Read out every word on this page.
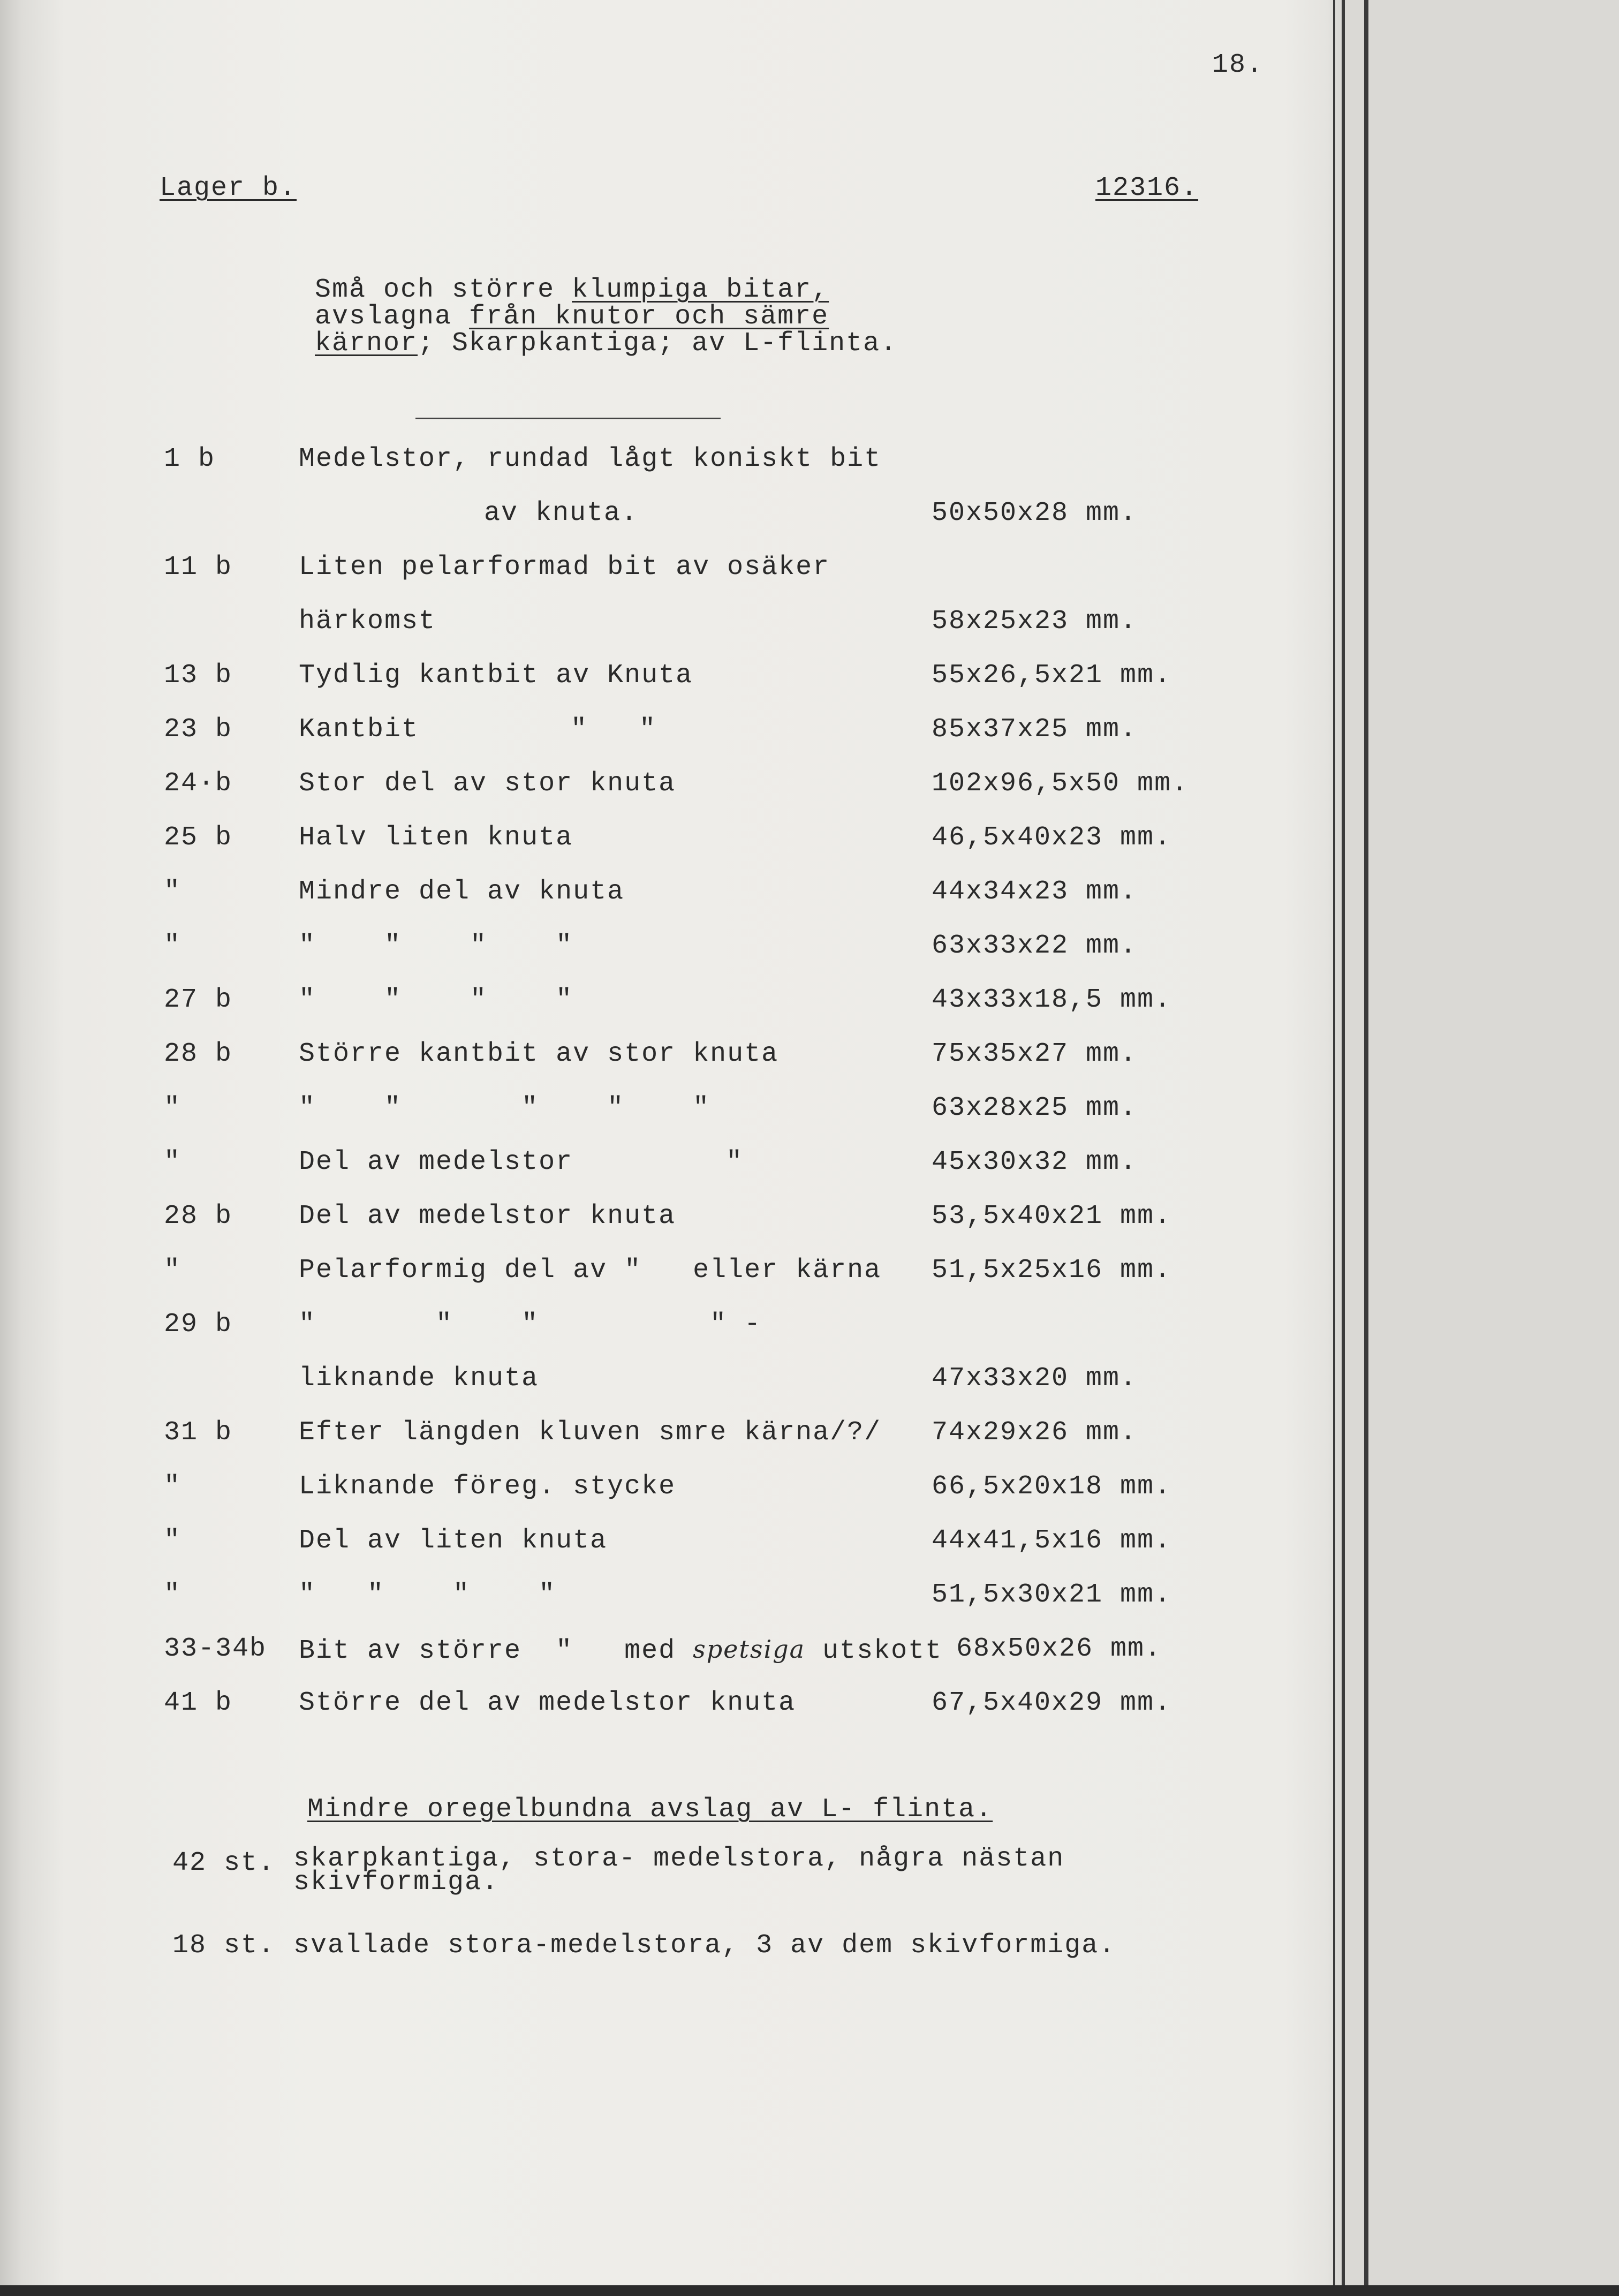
18.
Lager b.	12316.
Små och större klumpiga bitar,
avslagna från knutor och sämre
kärnor; Skarpkantiga; av L-flinta.
1 b	Medelstor, rundad lågt koniskt bit
av knuta.	50x50x28 mm.
11 b Liten pelarformad bit av osäker
härkomst	58x25x23 mm.
13 b Tydlig kantbit av Knuta	55x26,5x21 mm.
23 b Kantbit	"   "	85x37x25 mm.
24·b Stor del av stor knuta	102x96,5x50 mm.
25 b Halv liten knuta	46,5x40x23 mm.
"	Mindre del av knuta	44x34x23 mm.
"	"    "    "    "	63x33x22 mm.
27 b "    "    "    "	43x33x18,5 mm.
28 b Större kantbit av stor knuta	75x35x27 mm.
"	"    "       "    "    "	63x28x25 mm.
"	Del av medelstor	"	45x30x32 mm.
28 b Del av medelstor knuta	53,5x40x21 mm.
"	Pelarformig del av "   eller kärna 51,5x25x16 mm.
29 b "       "    "          " -
liknande knuta	47x33x20 mm.
31 b Efter längden kluven smre kärna/?/ 74x29x26 mm.
"	Liknande föreg. stycke	66,5x20x18 mm.
"	Del av liten knuta	44x41,5x16 mm.
"	"   "    "    "	51,5x30x21 mm.
33-34b Bit av större  "   med spetsiga utskott 68x50x26 mm.
41 b Större del av medelstor knuta	67,5x40x29 mm.
Mindre oregelbundna avslag av L- flinta.
42 st. skarpkantiga, stora- medelstora, några nästan
skivformiga.
18 st. svallade stora-medelstora, 3 av dem skivformiga.
